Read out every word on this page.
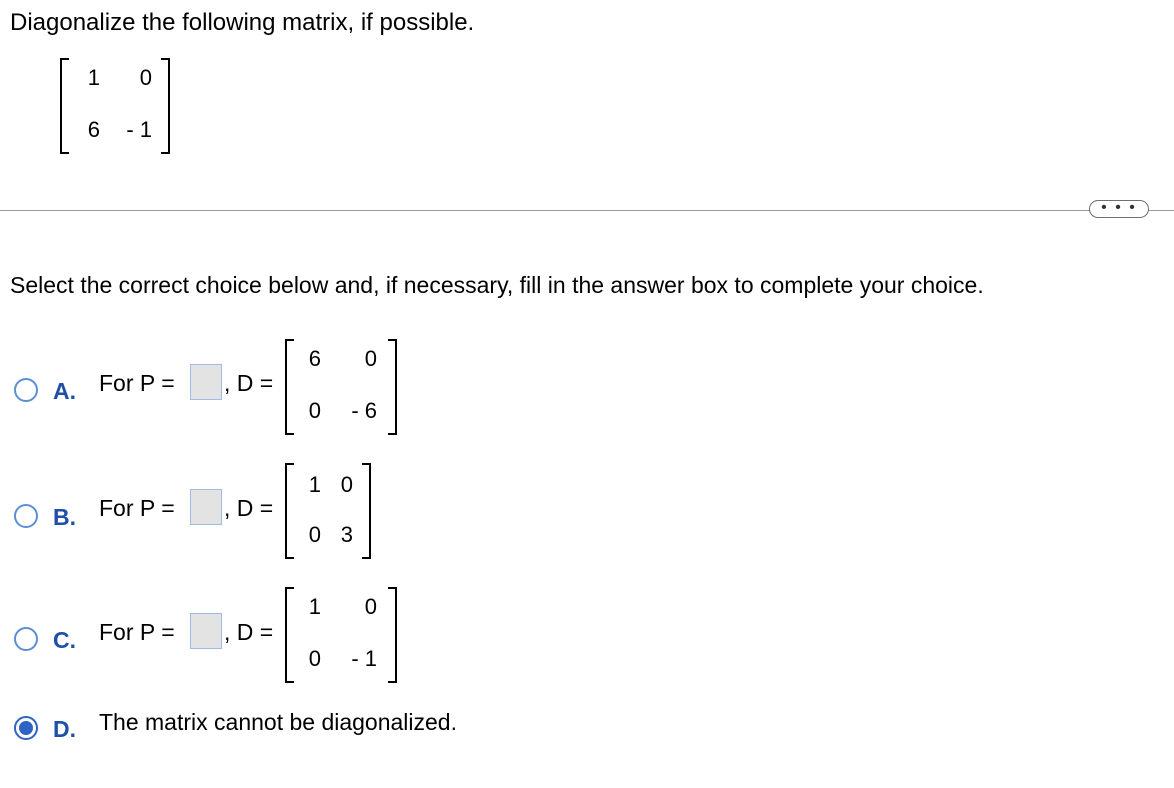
Diagonalize the following matrix, if possible.
1	0
6	- 1
• • •
Select the correct choice below and, if necessary, fill in the answer box to complete your choice.
A. For P = , D =
6	0
0	- 6
B. For P = , D =
1 0
0 3
C. For P = , D =
1	0
0	- 1
D. The matrix cannot be diagonalized.
